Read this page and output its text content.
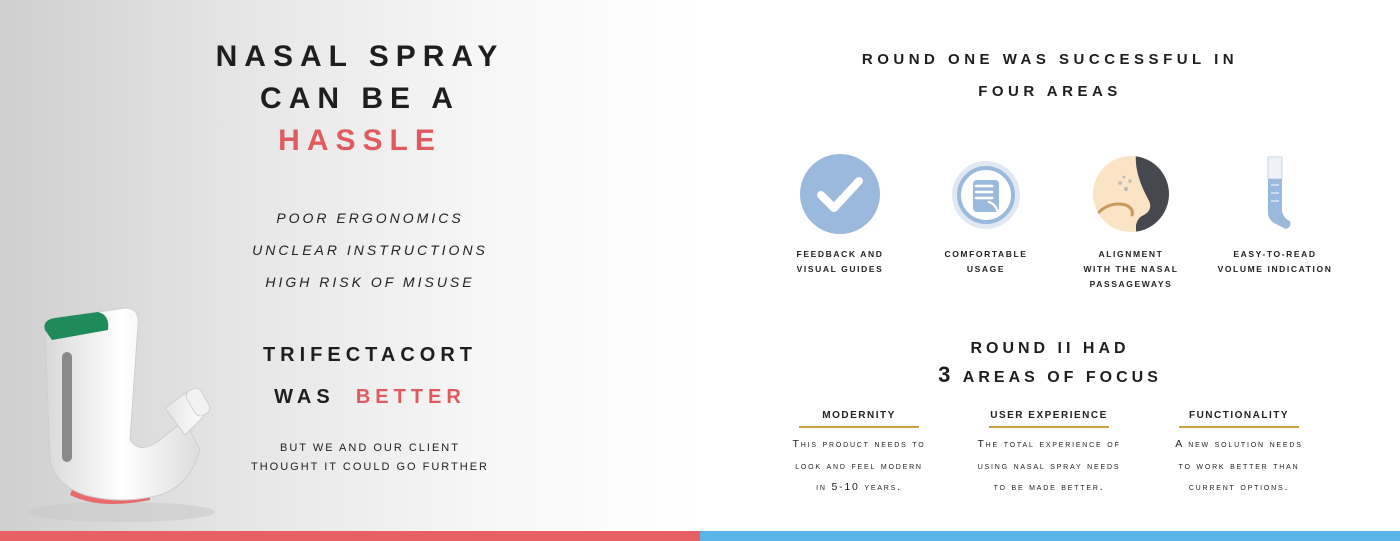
NASAL SPRAY
CAN BE A
HASSLE
POOR ERGONOMICS
UNCLEAR INSTRUCTIONS
HIGH RISK OF MISUSE
TRIFECTACORT
WAS BETTER
BUT WE AND OUR CLIENT
THOUGHT IT COULD GO FURTHER
ROUND ONE WAS SUCCESSFUL IN
FOUR AREAS
FEEDBACK AND
VISUAL GUIDES
COMFORTABLE
USAGE
ALIGNMENT
WITH THE NASAL
PASSAGEWAYS
EASY-TO-READ
VOLUME INDICATION
ROUND II HAD
3 AREAS OF FOCUS
MODERNITY	USER EXPERIENCE	FUNCTIONALITY
This product needs to
look and feel modern
in 5-10 years.
The total experience of
using nasal spray needs
to be made better.
A new solution needs
to work better than
current options.
